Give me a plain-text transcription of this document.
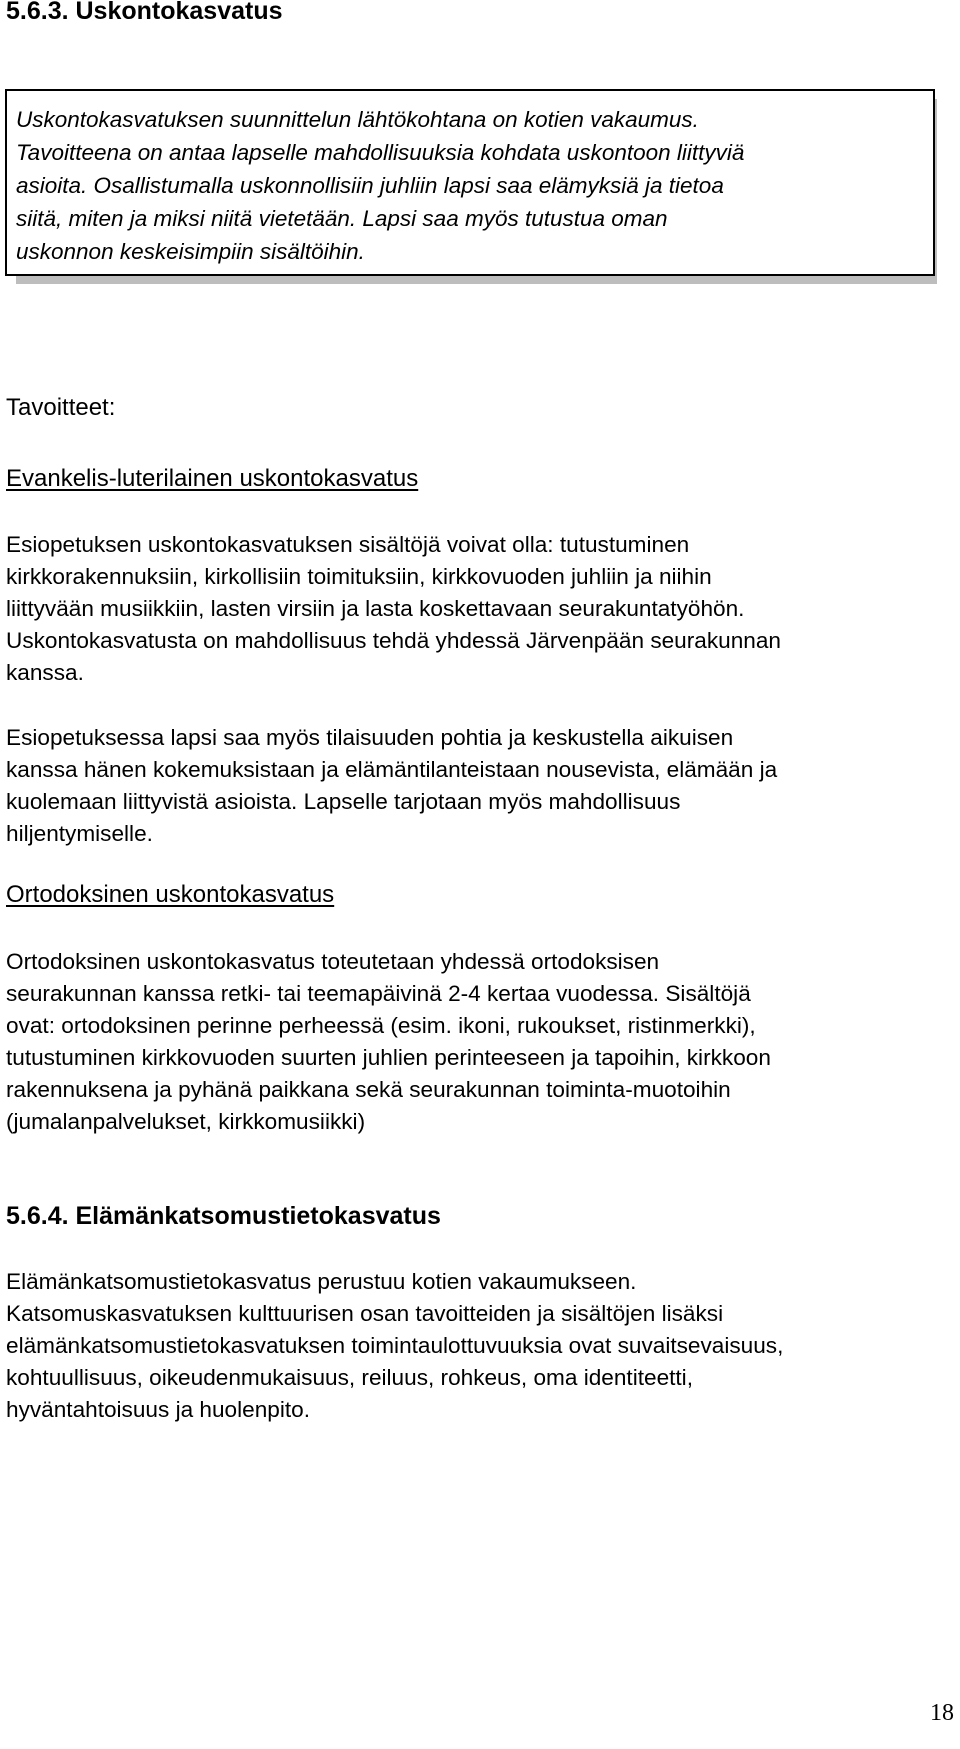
5.6.3. Uskontokasvatus
Uskontokasvatuksen suunnittelun lähtökohtana on kotien vakaumus.
Tavoitteena on antaa lapselle mahdollisuuksia kohdata uskontoon liittyviä
asioita. Osallistumalla uskonnollisiin juhliin lapsi saa elämyksiä ja tietoa
siitä, miten ja miksi niitä vietetään. Lapsi saa myös tutustua oman
uskonnon keskeisimpiin sisältöihin.
Tavoitteet:
Evankelis-luterilainen uskontokasvatus

Esiopetuksen uskontokasvatuksen sisältöjä voivat olla: tutustuminen
kirkkorakennuksiin, kirkollisiin toimituksiin, kirkkovuoden juhliin ja niihin
liittyvään musiikkiin, lasten virsiin ja lasta koskettavaan seurakuntatyöhön.
Uskontokasvatusta on mahdollisuus tehdä yhdessä Järvenpään seurakunnan
kanssa.

Esiopetuksessa lapsi saa myös tilaisuuden pohtia ja keskustella aikuisen
kanssa hänen kokemuksistaan ja elämäntilanteistaan nousevista, elämään ja
kuolemaan liittyvistä asioista. Lapselle tarjotaan myös mahdollisuus
hiljentymiselle.

Ortodoksinen uskontokasvatus

Ortodoksinen uskontokasvatus toteutetaan yhdessä ortodoksisen
seurakunnan kanssa retki- tai teemapäivinä 2-4 kertaa vuodessa. Sisältöjä
ovat: ortodoksinen perinne perheessä (esim. ikoni, rukoukset, ristinmerkki),
tutustuminen kirkkovuoden suurten juhlien perinteeseen ja tapoihin, kirkkoon
rakennuksena ja pyhänä paikkana sekä seurakunnan toiminta-muotoihin
(jumalanpalvelukset, kirkkomusiikki)

5.6.4. Elämänkatsomustietokasvatus

Elämänkatsomustietokasvatus perustuu kotien vakaumukseen.
Katsomuskasvatuksen kulttuurisen osan tavoitteiden ja sisältöjen lisäksi
elämänkatsomustietokasvatuksen toimintaulottuvuuksia ovat suvaitsevaisuus,
kohtuullisuus, oikeudenmukaisuus, reiluus, rohkeus, oma identiteetti,
hyväntahtoisuus ja huolenpito.

18
